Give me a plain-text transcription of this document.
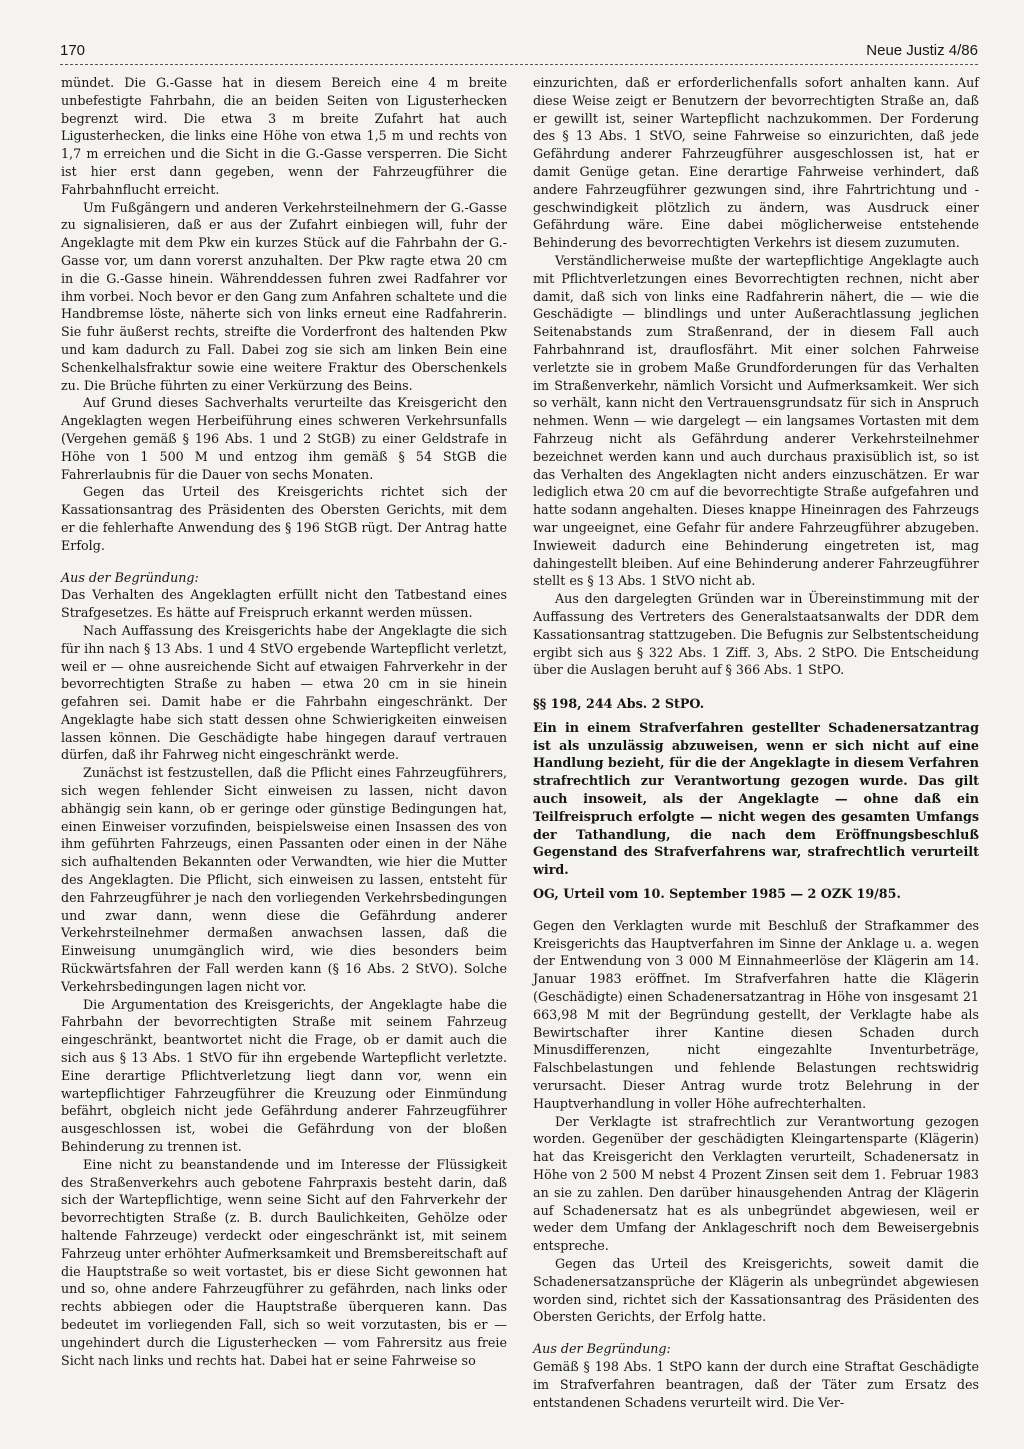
170	Neue Justiz 4/86

mündet. Die G.-Gasse hat in diesem Bereich eine 4 m breite unbefestigte Fahrbahn, die an beiden Seiten von Ligusterhecken begrenzt wird. Die etwa 3 m breite Zufahrt hat auch Ligusterhecken, die links eine Höhe von etwa 1,5 m und rechts von 1,7 m erreichen und die Sicht in die G.-Gasse versperren. Die Sicht ist hier erst dann gegeben, wenn der Fahrzeugführer die Fahrbahnflucht erreicht.

Um Fußgängern und anderen Verkehrsteilnehmern der G.-Gasse zu signalisieren, daß er aus der Zufahrt einbiegen will, fuhr der Angeklagte mit dem Pkw ein kurzes Stück auf die Fahrbahn der G.-Gasse vor, um dann vorerst anzuhalten. Der Pkw ragte etwa 20 cm in die G.-Gasse hinein. Währenddessen fuhren zwei Radfahrer vor ihm vorbei. Noch bevor er den Gang zum Anfahren schaltete und die Handbremse löste, näherte sich von links erneut eine Radfahrerin. Sie fuhr äußerst rechts, streifte die Vorderfront des haltenden Pkw und kam dadurch zu Fall. Dabei zog sie sich am linken Bein eine Schenkelhalsfraktur sowie eine weitere Fraktur des Oberschenkels zu. Die Brüche führten zu einer Verkürzung des Beins.

Auf Grund dieses Sachverhalts verurteilte das Kreisgericht den Angeklagten wegen Herbeiführung eines schweren Verkehrsunfalls (Vergehen gemäß § 196 Abs. 1 und 2 StGB) zu einer Geldstrafe in Höhe von 1 500 M und entzog ihm gemäß § 54 StGB die Fahrerlaubnis für die Dauer von sechs Monaten.

Gegen das Urteil des Kreisgerichts richtet sich der Kassationsantrag des Präsidenten des Obersten Gerichts, mit dem er die fehlerhafte Anwendung des § 196 StGB rügt. Der Antrag hatte Erfolg.

Aus der Begründung:

Das Verhalten des Angeklagten erfüllt nicht den Tatbestand eines Strafgesetzes. Es hätte auf Freispruch erkannt werden müssen.

Nach Auffassung des Kreisgerichts habe der Angeklagte die sich für ihn nach § 13 Abs. 1 und 4 StVO ergebende Wartepflicht verletzt, weil er — ohne ausreichende Sicht auf etwaigen Fahrverkehr in der bevorrechtigten Straße zu haben — etwa 20 cm in sie hinein gefahren sei. Damit habe er die Fahrbahn eingeschränkt. Der Angeklagte habe sich statt dessen ohne Schwierigkeiten einweisen lassen können. Die Geschädigte habe hingegen darauf vertrauen dürfen, daß ihr Fahrweg nicht eingeschränkt werde.

Zunächst ist festzustellen, daß die Pflicht eines Fahrzeugführers, sich wegen fehlender Sicht einweisen zu lassen, nicht davon abhängig sein kann, ob er geringe oder günstige Bedingungen hat, einen Einweiser vorzufinden, beispielsweise einen Insassen des von ihm geführten Fahrzeugs, einen Passanten oder einen in der Nähe sich aufhaltenden Bekannten oder Verwandten, wie hier die Mutter des Angeklagten. Die Pflicht, sich einweisen zu lassen, entsteht für den Fahrzeugführer je nach den vorliegenden Verkehrsbedingungen und zwar dann, wenn diese die Gefährdung anderer Verkehrsteilnehmer dermaßen anwachsen lassen, daß die Einweisung unumgänglich wird, wie dies besonders beim Rückwärtsfahren der Fall werden kann (§ 16 Abs. 2 StVO). Solche Verkehrsbedingungen lagen nicht vor.

Die Argumentation des Kreisgerichts, der Angeklagte habe die Fahrbahn der bevorrechtigten Straße mit seinem Fahrzeug eingeschränkt, beantwortet nicht die Frage, ob er damit auch die sich aus § 13 Abs. 1 StVO für ihn ergebende Wartepflicht verletzte. Eine derartige Pflichtverletzung liegt dann vor, wenn ein wartepflichtiger Fahrzeugführer die Kreuzung oder Einmündung befährt, obgleich nicht jede Gefährdung anderer Fahrzeugführer ausgeschlossen ist, wobei die Gefährdung von der bloßen Behinderung zu trennen ist.

Eine nicht zu beanstandende und im Interesse der Flüssigkeit des Straßenverkehrs auch gebotene Fahrpraxis besteht darin, daß sich der Wartepflichtige, wenn seine Sicht auf den Fahrverkehr der bevorrechtigten Straße (z. B. durch Baulichkeiten, Gehölze oder haltende Fahrzeuge) verdeckt oder eingeschränkt ist, mit seinem Fahrzeug unter erhöhter Aufmerksamkeit und Bremsbereitschaft auf die Hauptstraße so weit vortastet, bis er diese Sicht gewonnen hat und so, ohne andere Fahrzeugführer zu gefährden, nach links oder rechts abbiegen oder die Hauptstraße überqueren kann. Das bedeutet im vorliegenden Fall, sich so weit vorzutasten, bis er — ungehindert durch die Ligusterhecken — vom Fahrersitz aus freie Sicht nach links und rechts hat. Dabei hat er seine Fahrweise so

einzurichten, daß er erforderlichenfalls sofort anhalten kann. Auf diese Weise zeigt er Benutzern der bevorrechtigten Straße an, daß er gewillt ist, seiner Wartepflicht nachzukommen. Der Forderung des § 13 Abs. 1 StVO, seine Fahrweise so einzurichten, daß jede Gefährdung anderer Fahrzeugführer ausgeschlossen ist, hat er damit Genüge getan. Eine derartige Fahrweise verhindert, daß andere Fahrzeugführer gezwungen sind, ihre Fahrtrichtung und -geschwindigkeit plötzlich zu ändern, was Ausdruck einer Gefährdung wäre. Eine dabei möglicherweise entstehende Behinderung des bevorrechtigten Verkehrs ist diesem zuzumuten.

Verständlicherweise mußte der wartepflichtige Angeklagte auch mit Pflichtverletzungen eines Bevorrechtigten rechnen, nicht aber damit, daß sich von links eine Radfahrerin nähert, die — wie die Geschädigte — blindlings und unter Außerachtlassung jeglichen Seitenabstands zum Straßenrand, der in diesem Fall auch Fahrbahnrand ist, drauflosfährt. Mit einer solchen Fahrweise verletzte sie in grobem Maße Grundforderungen für das Verhalten im Straßenverkehr, nämlich Vorsicht und Aufmerksamkeit. Wer sich so verhält, kann nicht den Vertrauensgrundsatz für sich in Anspruch nehmen. Wenn — wie dargelegt — ein langsames Vortasten mit dem Fahrzeug nicht als Gefährdung anderer Verkehrsteilnehmer bezeichnet werden kann und auch durchaus praxisüblich ist, so ist das Verhalten des Angeklagten nicht anders einzuschätzen. Er war lediglich etwa 20 cm auf die bevorrechtigte Straße aufgefahren und hatte sodann angehalten. Dieses knappe Hineinragen des Fahrzeugs war ungeeignet, eine Gefahr für andere Fahrzeugführer abzugeben. Inwieweit dadurch eine Behinderung eingetreten ist, mag dahingestellt bleiben. Auf eine Behinderung anderer Fahrzeugführer stellt es § 13 Abs. 1 StVO nicht ab.

Aus den dargelegten Gründen war in Übereinstimmung mit der Auffassung des Vertreters des Generalstaatsanwalts der DDR dem Kassationsantrag stattzugeben. Die Befugnis zur Selbstentscheidung ergibt sich aus § 322 Abs. 1 Ziff. 3, Abs. 2 StPO. Die Entscheidung über die Auslagen beruht auf § 366 Abs. 1 StPO.

§§ 198, 244 Abs. 2 StPO.

Ein in einem Strafverfahren gestellter Schadenersatzantrag ist als unzulässig abzuweisen, wenn er sich nicht auf eine Handlung bezieht, für die der Angeklagte in diesem Verfahren strafrechtlich zur Verantwortung gezogen wurde. Das gilt auch insoweit, als der Angeklagte — ohne daß ein Teilfreispruch erfolgte — nicht wegen des gesamten Umfangs der Tathandlung, die nach dem Eröffnungsbeschluß Gegenstand des Strafverfahrens war, strafrechtlich verurteilt wird.

OG, Urteil vom 10. September 1985 — 2 OZK 19/85.

Gegen den Verklagten wurde mit Beschluß der Strafkammer des Kreisgerichts das Hauptverfahren im Sinne der Anklage u. a. wegen der Entwendung von 3 000 M Einnahmeerlöse der Klägerin am 14. Januar 1983 eröffnet. Im Strafverfahren hatte die Klägerin (Geschädigte) einen Schadenersatzantrag in Höhe von insgesamt 21 663,98 M mit der Begründung gestellt, der Verklagte habe als Bewirtschafter ihrer Kantine diesen Schaden durch Minusdifferenzen, nicht eingezahlte Inventurbeträge, Falschbelastungen und fehlende Belastungen rechtswidrig verursacht. Dieser Antrag wurde trotz Belehrung in der Hauptverhandlung in voller Höhe aufrechterhalten.

Der Verklagte ist strafrechtlich zur Verantwortung gezogen worden. Gegenüber der geschädigten Kleingartensparte (Klägerin) hat das Kreisgericht den Verklagten verurteilt, Schadenersatz in Höhe von 2 500 M nebst 4 Prozent Zinsen seit dem 1. Februar 1983 an sie zu zahlen. Den darüber hinausgehenden Antrag der Klägerin auf Schadenersatz hat es als unbegründet abgewiesen, weil er weder dem Umfang der Anklageschrift noch dem Beweisergebnis entspreche.

Gegen das Urteil des Kreisgerichts, soweit damit die Schadenersatzansprüche der Klägerin als unbegründet abgewiesen worden sind, richtet sich der Kassationsantrag des Präsidenten des Obersten Gerichts, der Erfolg hatte.

Aus der Begründung:

Gemäß § 198 Abs. 1 StPO kann der durch eine Straftat Geschädigte im Strafverfahren beantragen, daß der Täter zum Ersatz des entstandenen Schadens verurteilt wird. Die Ver-
